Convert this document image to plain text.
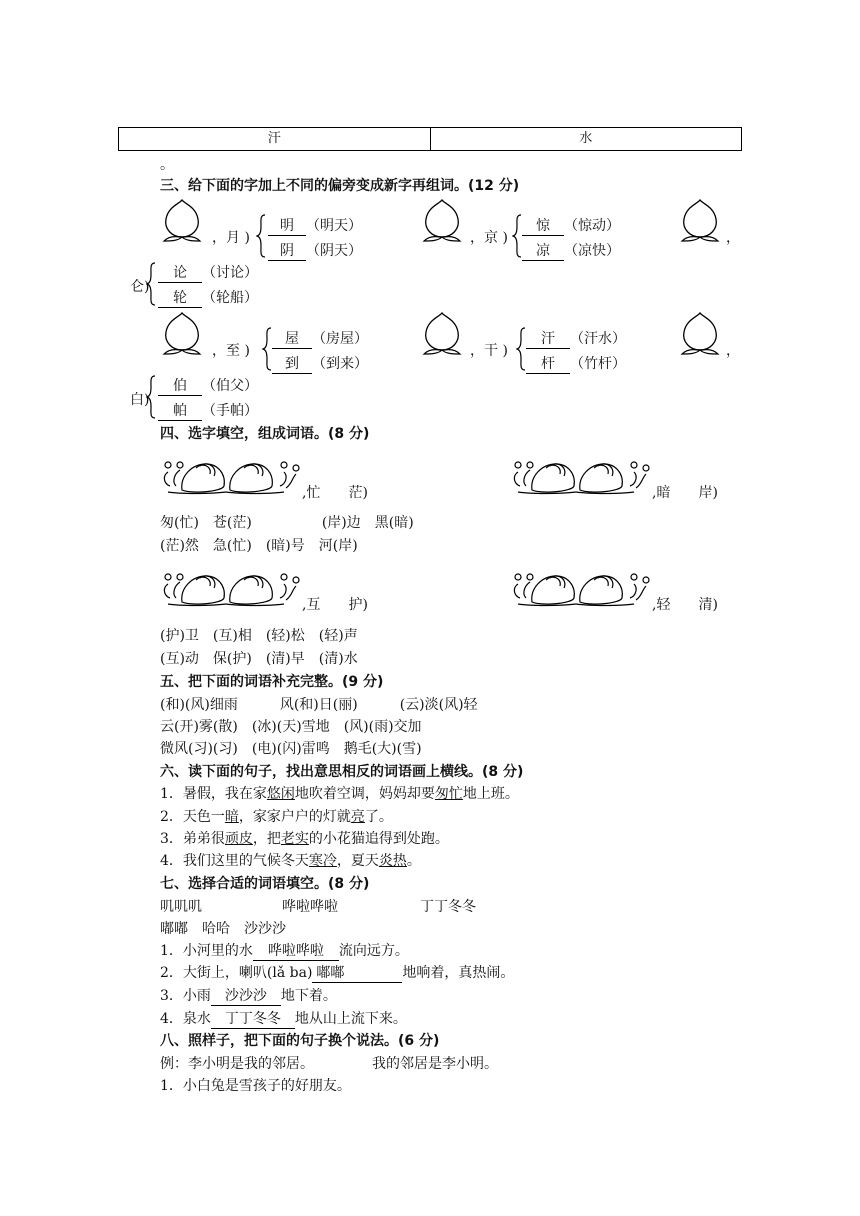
汗	水
。
三、给下面的字加上不同的偏旁变成新字再组词。(12 分)
，月 )
明 （明天）
阴 （阴天）
，京 )
惊 （惊动）
凉 （凉快）
，
仑)
论 （讨论）
轮 （轮船）
，至 )
屋 （房屋）
到 （到来）
，干 )
汗 （汗水）
杆 （竹杆）
，
白)
伯 （伯父）
帕 （手帕）
四、选字填空，组成词语。(8 分)
,忙　　茫)	,暗　　岸)
匆(忙)　苍(茫)　　　　　(岸)边　黑(暗)
(茫)然　急(忙)　(暗)号　河(岸)
,互　　护)	,轻　　清)
(护)卫　(互)相　(轻)松　(轻)声
(互)动　保(护)　(清)早　(清)水
五、把下面的词语补充完整。(9 分)
(和)(风)细雨　　　风(和)日(丽)　　　(云)淡(风)轻
云(开)雾(散)　(冰)(天)雪地　(风)(雨)交加
微风(习)(习)　(电)(闪)雷鸣　鹅毛(大)(雪)
六、读下面的句子，找出意思相反的词语画上横线。(8 分)
1．暑假，我在家悠闲地吹着空调，妈妈却要匆忙地上班。
2．天色一暗，家家户户的灯就亮了。
3．弟弟很顽皮，把老实的小花猫追得到处跑。
4．我们这里的气候冬天寒冷，夏天炎热。
七、选择合适的词语填空。(8 分)
叽叽叽	哗啦哗啦	丁丁冬冬
嘟嘟　哈哈　沙沙沙
1．小河里的水 哗啦哗啦 流向远方。
2．大街上，喇叭(lǎ ba) 嘟嘟	地响着，真热闹。
3．小雨 沙沙沙 地下着。
4．泉水 丁丁冬冬 地从山上流下来。
八、照样子，把下面的句子换个说法。(6 分)
例：李小明是我的邻居。	我的邻居是李小明。
1．小白兔是雪孩子的好朋友。
